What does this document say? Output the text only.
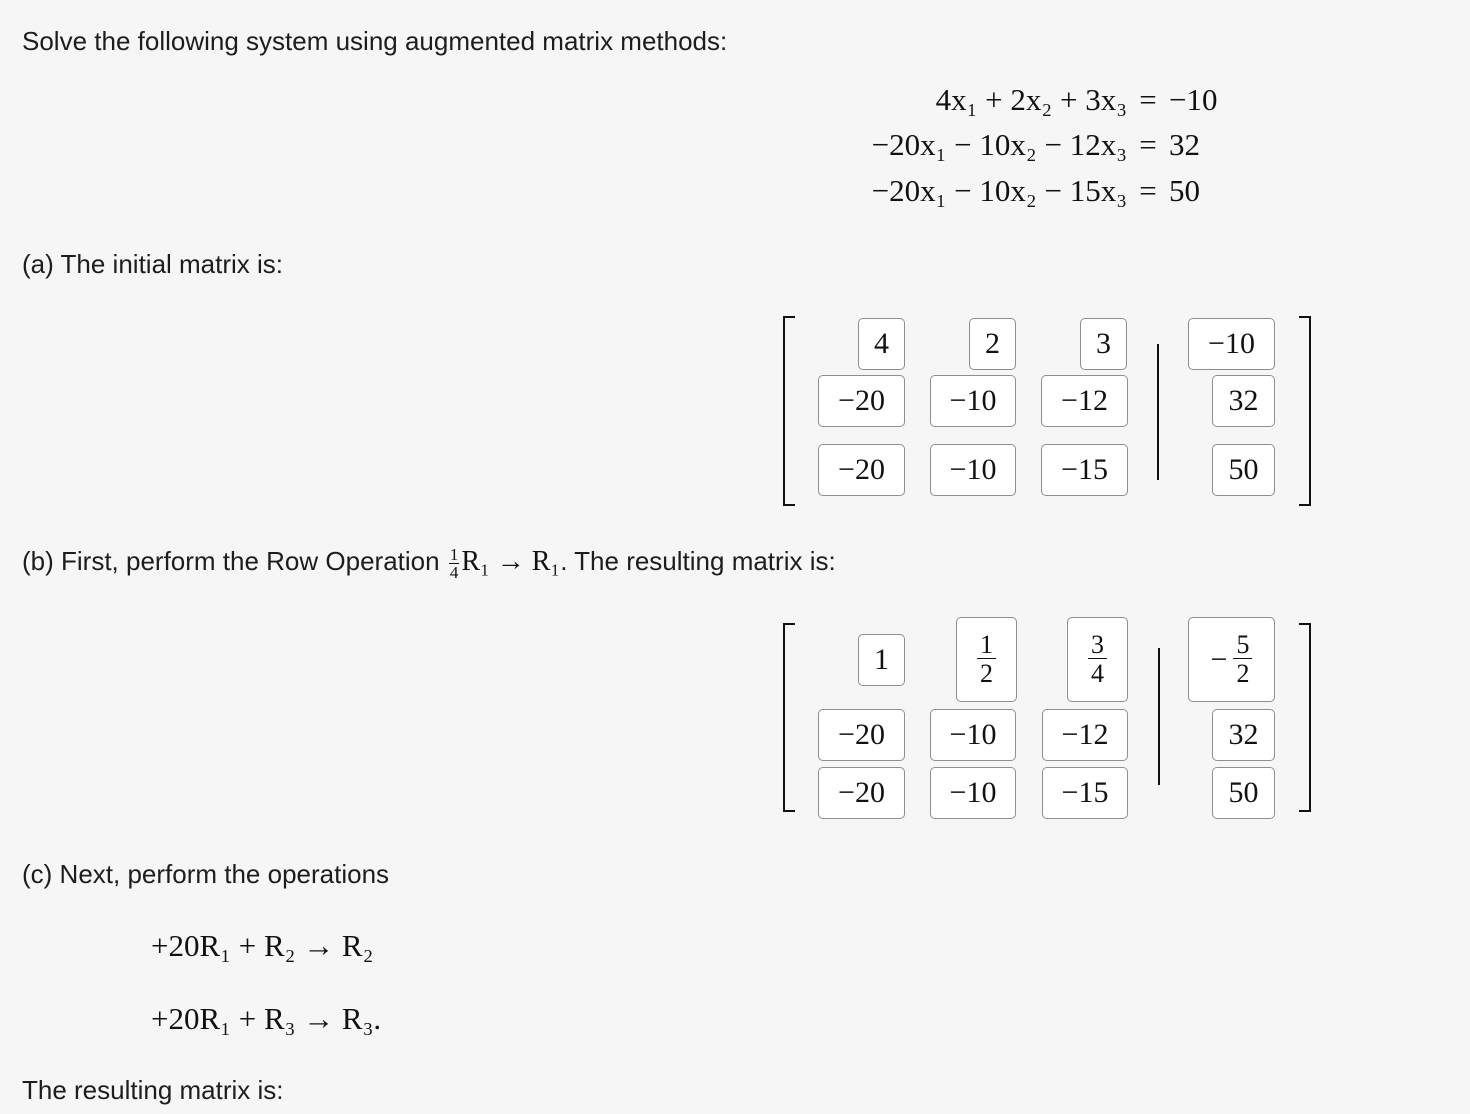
Solve the following system using augmented matrix methods:
4x₁ + 2x₂ + 3x₃ = −10
−20x₁ − 10x₂ − 12x₃ = 32
−20x₁ − 10x₂ − 15x₃ = 50
(a) The initial matrix is:
4	2	3	−10
−20	−10	−12	32
−20	−10	−15	50
(b) First, perform the Row Operation $\frac{1}{4} R_1 \to R_1$. The resulting matrix is:
1	$\frac{1}{2}$	$\frac{3}{4}$	− $\frac{5}{2}$
−20	−10	−12	32
−20	−10	−15	50
(c) Next, perform the operations
+20R₁ + R₂ → R₂
+20R₁ + R₃ → R₃.
The resulting matrix is:
